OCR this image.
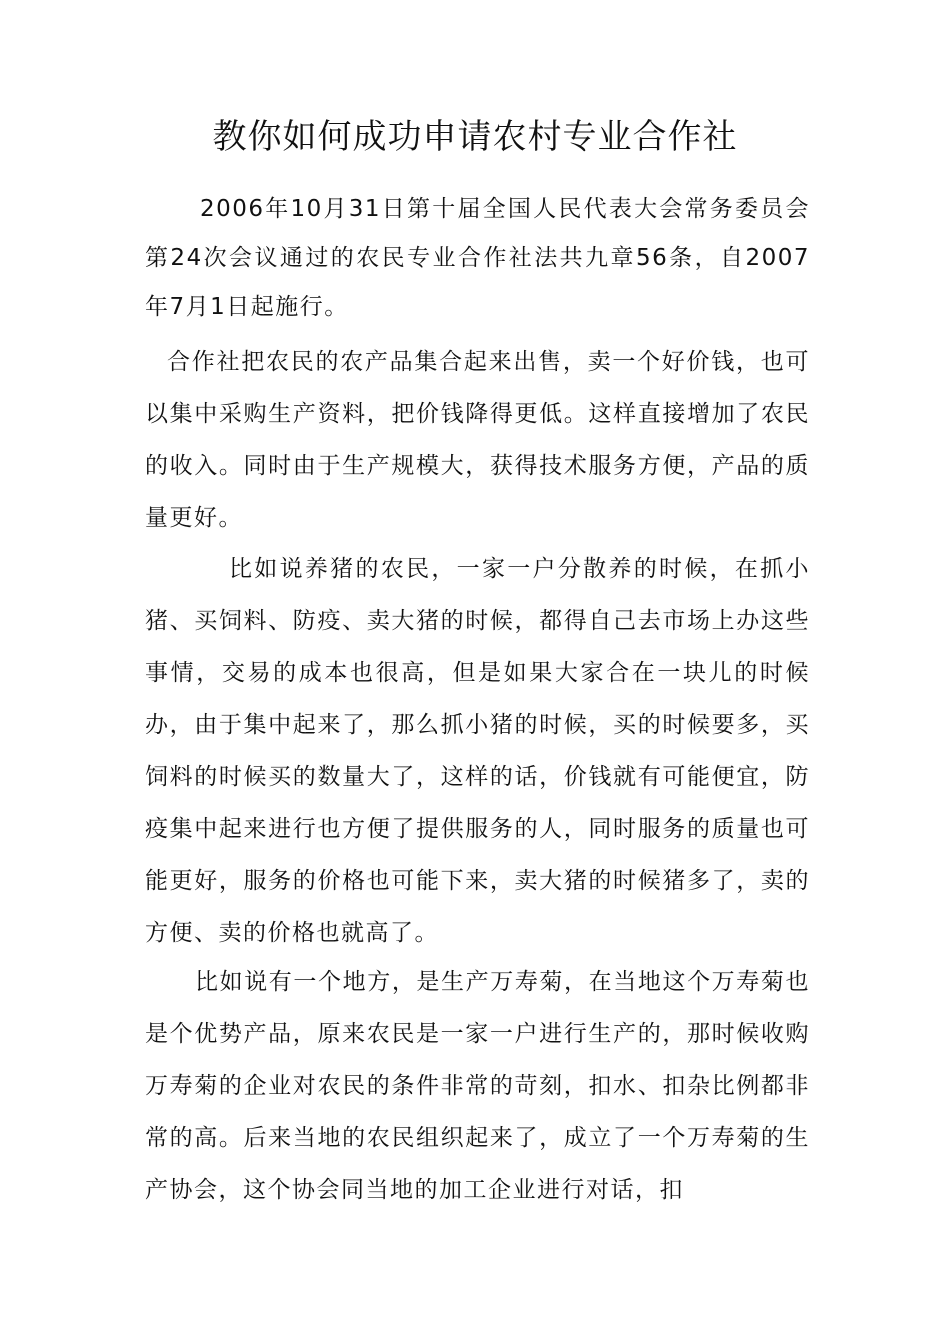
教你如何成功申请农村专业合作社

2006年10月31日第十届全国人民代表大会常务委员会第24次会议通过的农民专业合作社法共九章56条，自2007年7月1日起施行。

合作社把农民的农产品集合起来出售，卖一个好价钱，也可以集中采购生产资料，把价钱降得更低。这样直接增加了农民的收入。同时由于生产规模大，获得技术服务方便，产品的质量更好。

比如说养猪的农民，一家一户分散养的时候，在抓小猪、买饲料、防疫、卖大猪的时候，都得自己去市场上办这些事情，交易的成本也很高，但是如果大家合在一块儿的时候办，由于集中起来了，那么抓小猪的时候，买的时候要多，买饲料的时候买的数量大了，这样的话，价钱就有可能便宜，防疫集中起来进行也方便了提供服务的人，同时服务的质量也可能更好，服务的价格也可能下来，卖大猪的时候猪多了，卖的方便、卖的价格也就高了。

比如说有一个地方，是生产万寿菊，在当地这个万寿菊也是个优势产品，原来农民是一家一户进行生产的，那时候收购万寿菊的企业对农民的条件非常的苛刻，扣水、扣杂比例都非常的高。后来当地的农民组织起来了，成立了一个万寿菊的生产协会，这个协会同当地的加工企业进行对话，扣
